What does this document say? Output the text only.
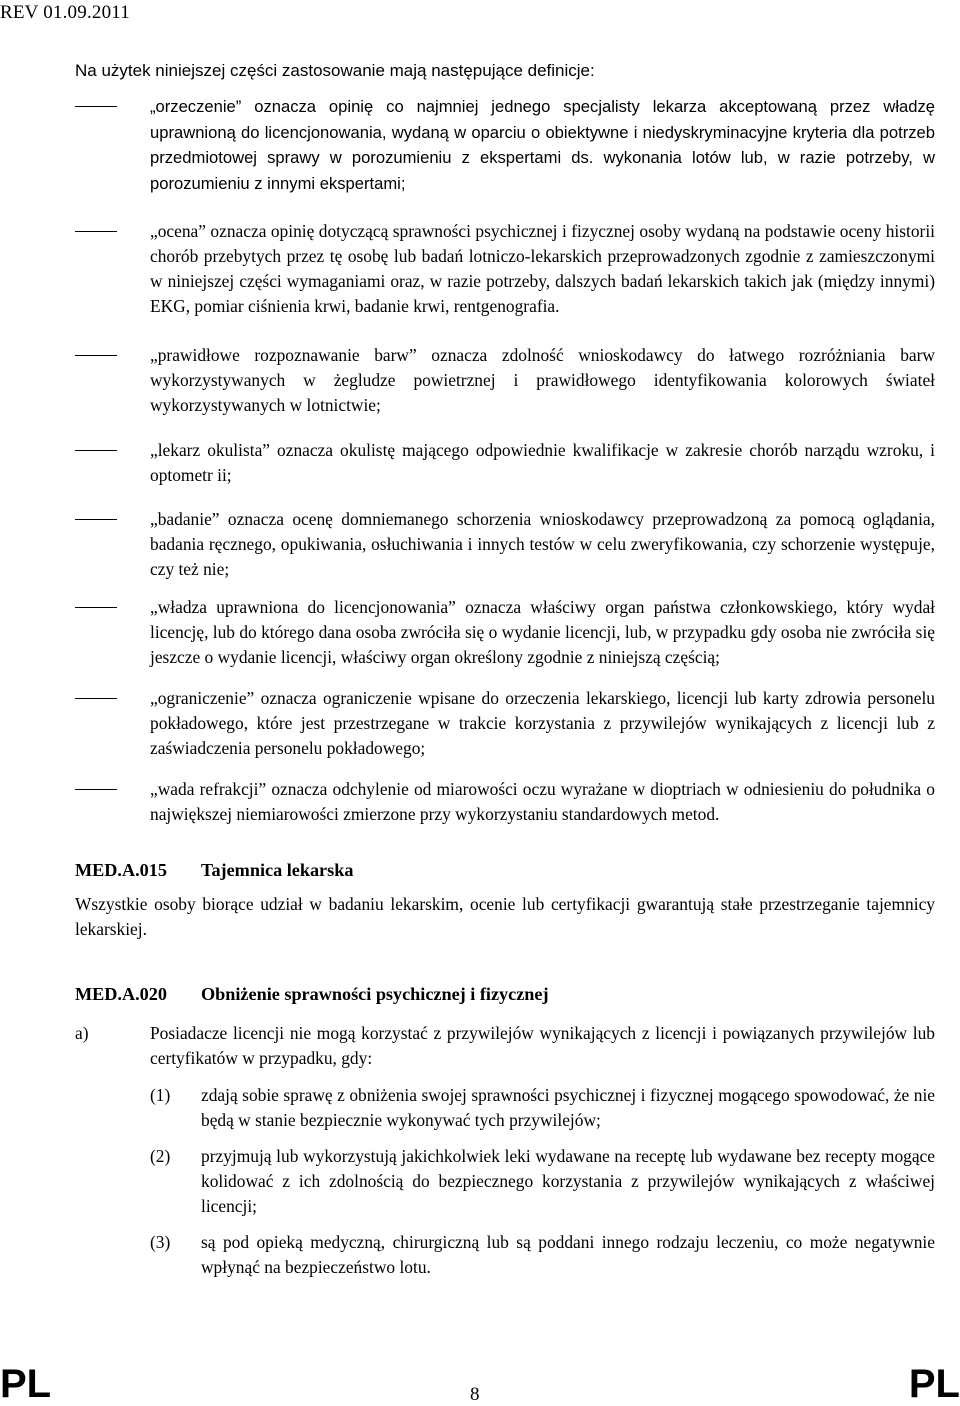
REV 01.09.2011

Na użytek niniejszej części zastosowanie mają następujące definicje:

„orzeczenie” oznacza opinię co najmniej jednego specjalisty lekarza akceptowaną przez władzę uprawnioną do licencjonowania, wydaną w oparciu o obiektywne i niedyskryminacyjne kryteria dla potrzeb przedmiotowej sprawy w porozumieniu z ekspertami ds. wykonania lotów lub, w razie potrzeby, w porozumieniu z innymi ekspertami;
„ocena” oznacza opinię dotyczącą sprawności psychicznej i fizycznej osoby wydaną na podstawie oceny historii chorób przebytych przez tę osobę lub badań lotniczo-lekarskich przeprowadzonych zgodnie z zamieszczonymi w niniejszej części wymaganiami oraz, w razie potrzeby, dalszych badań lekarskich takich jak (między innymi) EKG, pomiar ciśnienia krwi, badanie krwi, rentgenografia.
„prawidłowe rozpoznawanie barw” oznacza zdolność wnioskodawcy do łatwego rozróżniania barw wykorzystywanych w żegludze powietrznej i prawidłowego identyfikowania kolorowych świateł wykorzystywanych w lotnictwie;
„lekarz okulista” oznacza okulistę mającego odpowiednie kwalifikacje w zakresie chorób narządu wzroku, i optometr ii;
„badanie” oznacza ocenę domniemanego schorzenia wnioskodawcy przeprowadzoną za pomocą oglądania, badania ręcznego, opukiwania, osłuchiwania i innych testów w celu zweryfikowania, czy schorzenie występuje, czy też nie;
„władza uprawniona do licencjonowania” oznacza właściwy organ państwa członkowskiego, który wydał licencję, lub do którego dana osoba zwróciła się o wydanie licencji, lub, w przypadku gdy osoba nie zwróciła się jeszcze o wydanie licencji, właściwy organ określony zgodnie z niniejszą częścią;
„ograniczenie” oznacza ograniczenie wpisane do orzeczenia lekarskiego, licencji lub karty zdrowia personelu pokładowego, które jest przestrzegane w trakcie korzystania z przywilejów wynikających z licencji lub z zaświadczenia personelu pokładowego;
„wada refrakcji” oznacza odchylenie od miarowości oczu wyrażane w dioptriach w odniesieniu do południka o największej niemiarowości zmierzone przy wykorzystaniu standardowych metod.
MED.A.015 Tajemnica lekarska

Wszystkie osoby biorące udział w badaniu lekarskim, ocenie lub certyfikacji gwarantują stałe przestrzeganie tajemnicy lekarskiej.

MED.A.020 Obniżenie sprawności psychicznej i fizycznej
a)	Posiadacze licencji nie mogą korzystać z przywilejów wynikających z licencji i powiązanych przywilejów lub certyfikatów w przypadku, gdy:
(1) zdają sobie sprawę z obniżenia swojej sprawności psychicznej i fizycznej mogącego spowodować, że nie będą w stanie bezpiecznie wykonywać tych przywilejów;
(2) przyjmują lub wykorzystują jakichkolwiek leki wydawane na receptę lub wydawane bez recepty mogące kolidować z ich zdolnością do bezpiecznego korzystania z przywilejów wynikających z właściwej licencji;
(3) są pod opieką medyczną, chirurgiczną lub są poddani innego rodzaju leczeniu, co może negatywnie wpłynąć na bezpieczeństwo lotu.
PL	8	PL
